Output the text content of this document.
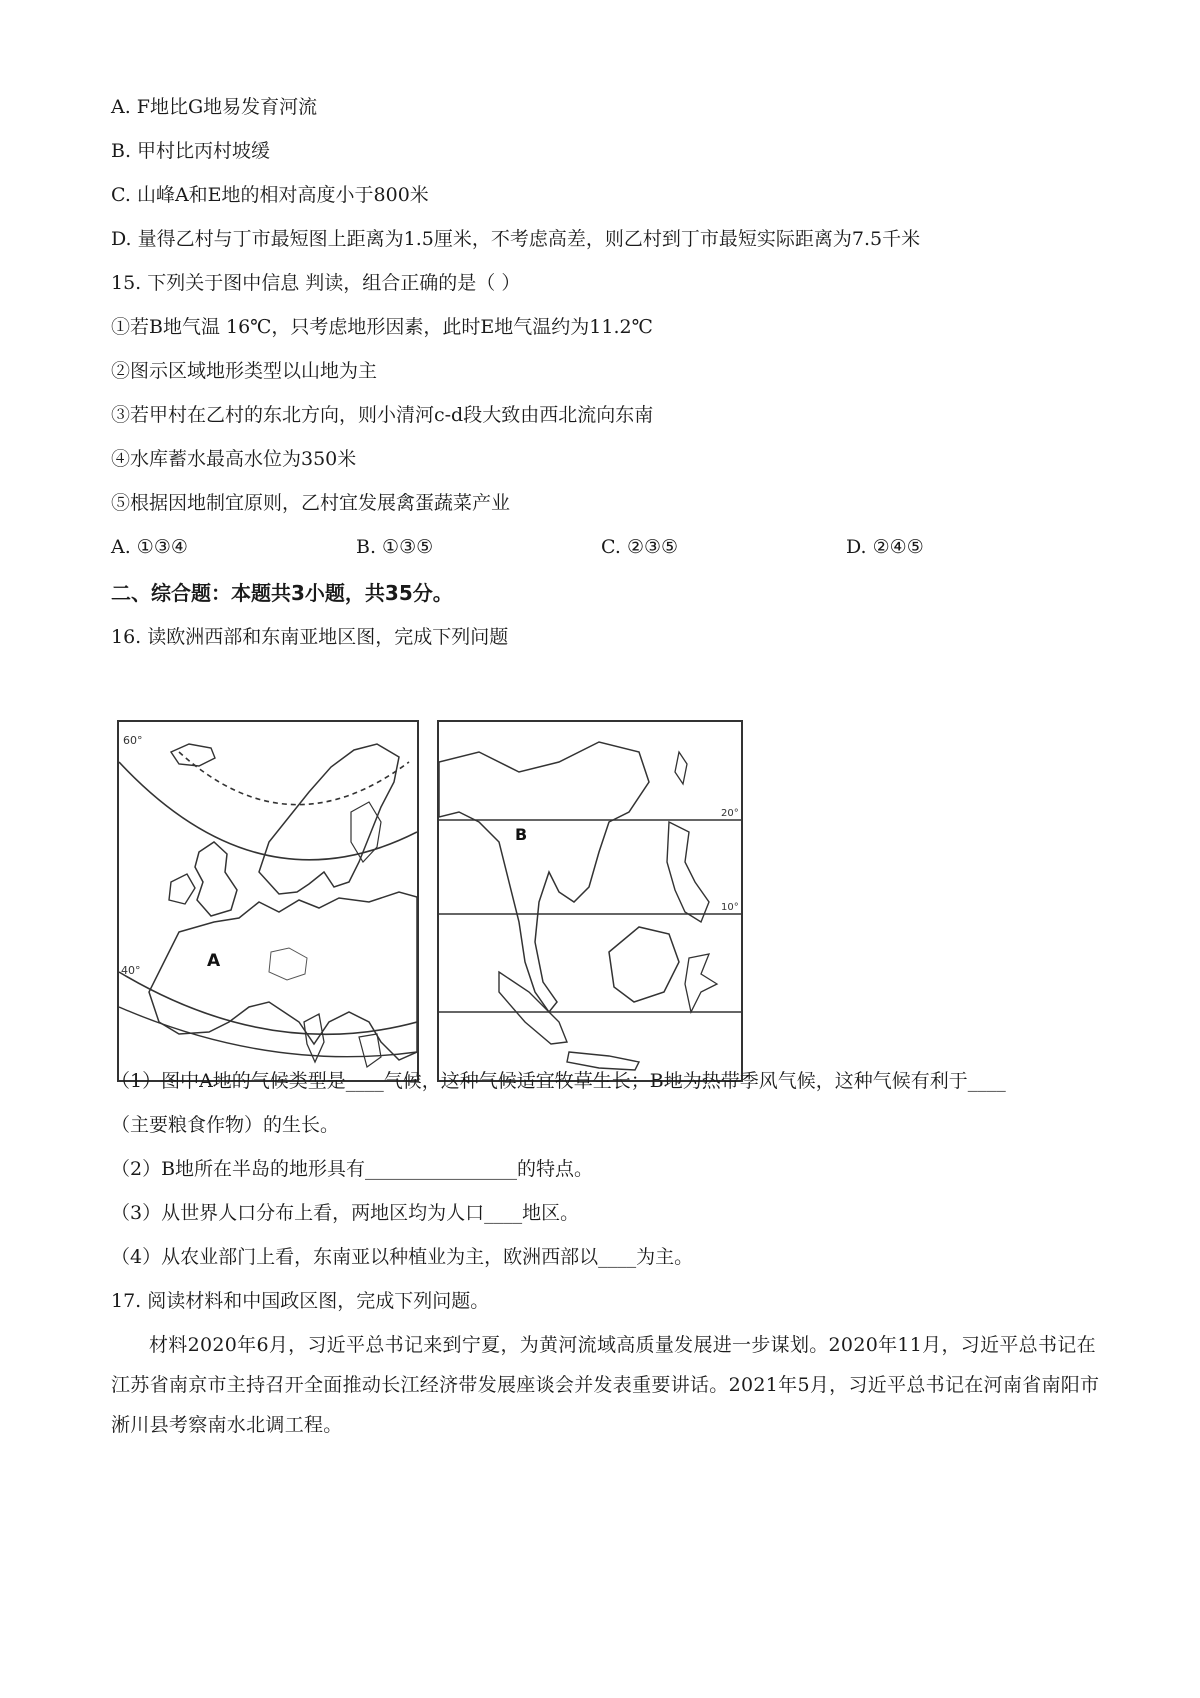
A. F地比G地易发育河流
B. 甲村比丙村坡缓
C. 山峰A和E地的相对高度小于800米
D. 量得乙村与丁市最短图上距离为1.5厘米，不考虑高差，则乙村到丁市最短实际距离为7.5千米
15. 下列关于图中信息 判读，组合正确的是（ ）
①若B地气温 16℃，只考虑地形因素，此时E地气温约为11.2℃
②图示区域地形类型以山地为主
③若甲村在乙村的东北方向，则小清河c-d段大致由西北流向东南
④水库蓄水最高水位为350米
⑤根据因地制宜原则，乙村宜发展禽蛋蔬菜产业
A. ①③④	B. ①③⑤	C. ②③⑤	D. ②④⑤
二、综合题：本题共3小题，共35分。
16. 读欧洲西部和东南亚地区图，完成下列问题
60°
40°	A
20°
10°
B
（1）图中A地的气候类型是____气候，这种气候适宜牧草生长；B地为热带季风气候，这种气候有利于____
（主要粮食作物）的生长。
（2）B地所在半岛的地形具有________________的特点。
（3）从世界人口分布上看，两地区均为人口____地区。
（4）从农业部门上看，东南亚以种植业为主，欧洲西部以____为主。
17. 阅读材料和中国政区图，完成下列问题。
材料2020年6月，习近平总书记来到宁夏，为黄河流域高质量发展进一步谋划。2020年11月，习近平总书记在江苏省南京市主持召开全面推动长江经济带发展座谈会并发表重要讲话。2021年5月，习近平总书记在河南省南阳市淅川县考察南水北调工程。
